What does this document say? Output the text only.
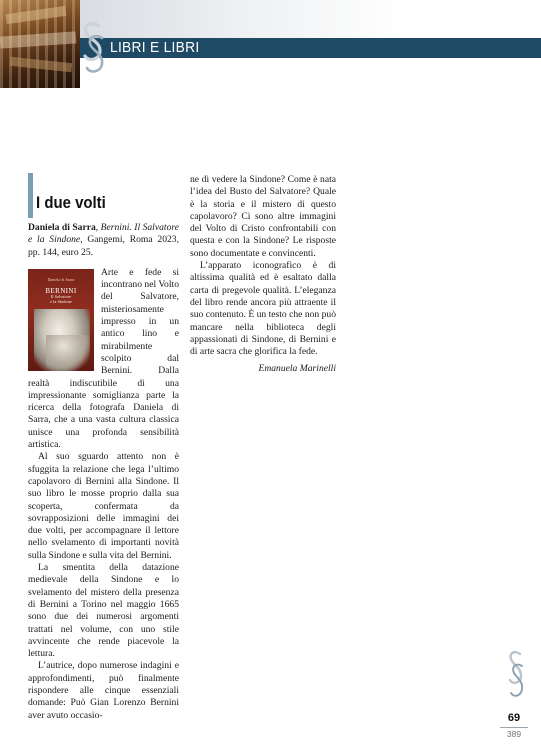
LIBRI E LIBRI
I due volti

Daniela di Sarra, Bernini. Il Salvatore e la Sindone, Gangemi, Roma 2023, pp. 144, euro 25.

Daniela di Sarra
BERNINI
Il Salvatore
e la Sindone

Arte e fede si incontrano nel Volto del Salvatore, misteriosamente impresso in un antico lino e mirabilmente scolpito dal Bernini. Dalla realtà indiscutibile di una impressionante somiglianza parte la ricerca della fotografa Daniela di Sarra, che a una vasta cultura classica unisce una profonda sensibilità artistica.

Al suo sguardo attento non è sfuggita la relazione che lega l’ultimo capolavoro di Bernini alla Sindone. Il suo libro le mosse proprio dalla sua scoperta, confermata da sovrapposizioni delle immagini dei due volti, per accompagnare il lettore nello svelamento di importanti novità sulla Sindone e sulla vita del Bernini.

La smentita della datazione medievale della Sindone e lo svelamento del mistero della presenza di Bernini a Torino nel maggio 1665 sono due dei numerosi argomenti trattati nel volume, con uno stile avvincente che rende piacevole la lettura.

L’autrice, dopo numerose indagini e approfondimenti, può finalmente rispondere alle cinque essenziali domande: Può Gian Lorenzo Bernini aver avuto occasio-

ne di vedere la Sindone? Come è nata l’idea del Busto del Salvatore? Quale è la storia e il mistero di questo capolavoro? Ci sono altre immagini del Volto di Cristo confrontabili con questa e con la Sindone? Le risposte sono documentate e convincenti.

L’apparato iconografico è di altissima qualità ed è esaltato dalla carta di pregevole qualità. L’eleganza del libro rende ancora più attraente il suo contenuto. È un testo che non può mancare nella biblioteca degli appassionati di Sindone, di Bernini e di arte sacra che glorifica la fede.

Emanuela Marinelli

69
389
